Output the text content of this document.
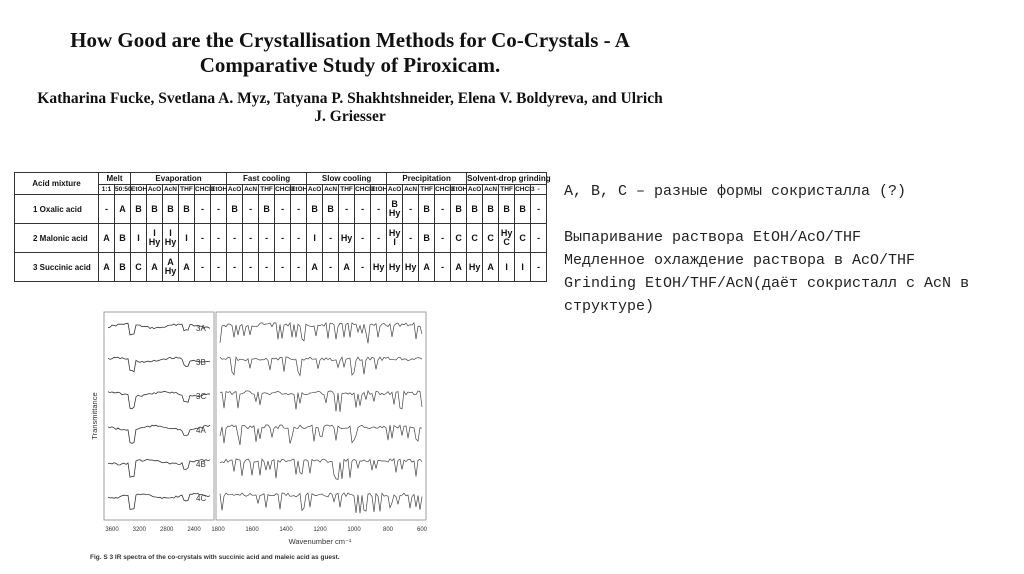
How Good are the Crystallisation Methods for Co-Crystals - A
Comparative Study of Piroxicam.

Katharina Fucke, Svetlana A. Myz, Tatyana P. Shakhtshneider, Elena V. Boldyreva, and Ulrich
J. Griesser
Acid mixture	Melt		Evaporation						Fast cooling					Slow cooling					Precipitation					Solvent-drop grinding				
	1:1	50:50	EtOH	AcO	AcN	THF	CHCl3	EtOH	AcO	AcN	THF	CHCl3	EtOH	AcO	AcN	THF	CHCl3	EtOH	AcO	AcN	THF	CHCl3	EtOH	AcO	AcN	THF	CHCl3	-
1 Oxalic acid	-	A	B	B	B	B	-	-	B	-	B	-	-	B	B	-	-	-	B Hy	-	B	-	B	B	B	B	B	-
2 Malonic acid	A	B	I	I Hy	I Hy	I	-	-	-	-	-	-	-	I	-	Hy	-	-	Hy I	-	B	-	C	C	C	Hy C	C	-
3 Succinic acid	A	B	C	A	A Hy	A	-	-	-	-	-	-	-	A	-	A	-	Hy	Hy	Hy	A	-	A	Hy	A	I	I	-
3A
3B
3C
4A
4B
4C
3600 3200 2800 2400 1800	1600	1400	1200	1000	800	600
Transmittance
Wavenumber cm⁻¹
Fig. S 3 IR spectra of the co-crystals with succinic acid and maleic acid as guest.

A, B, C – разные формы сокристалла (?)

Выпаривание раствора EtOH/AcO/THF

Медленное охлаждение раствора в AcO/THF

Grinding EtOH/THF/AcN(даёт сокристалл с AcN в структуре)
